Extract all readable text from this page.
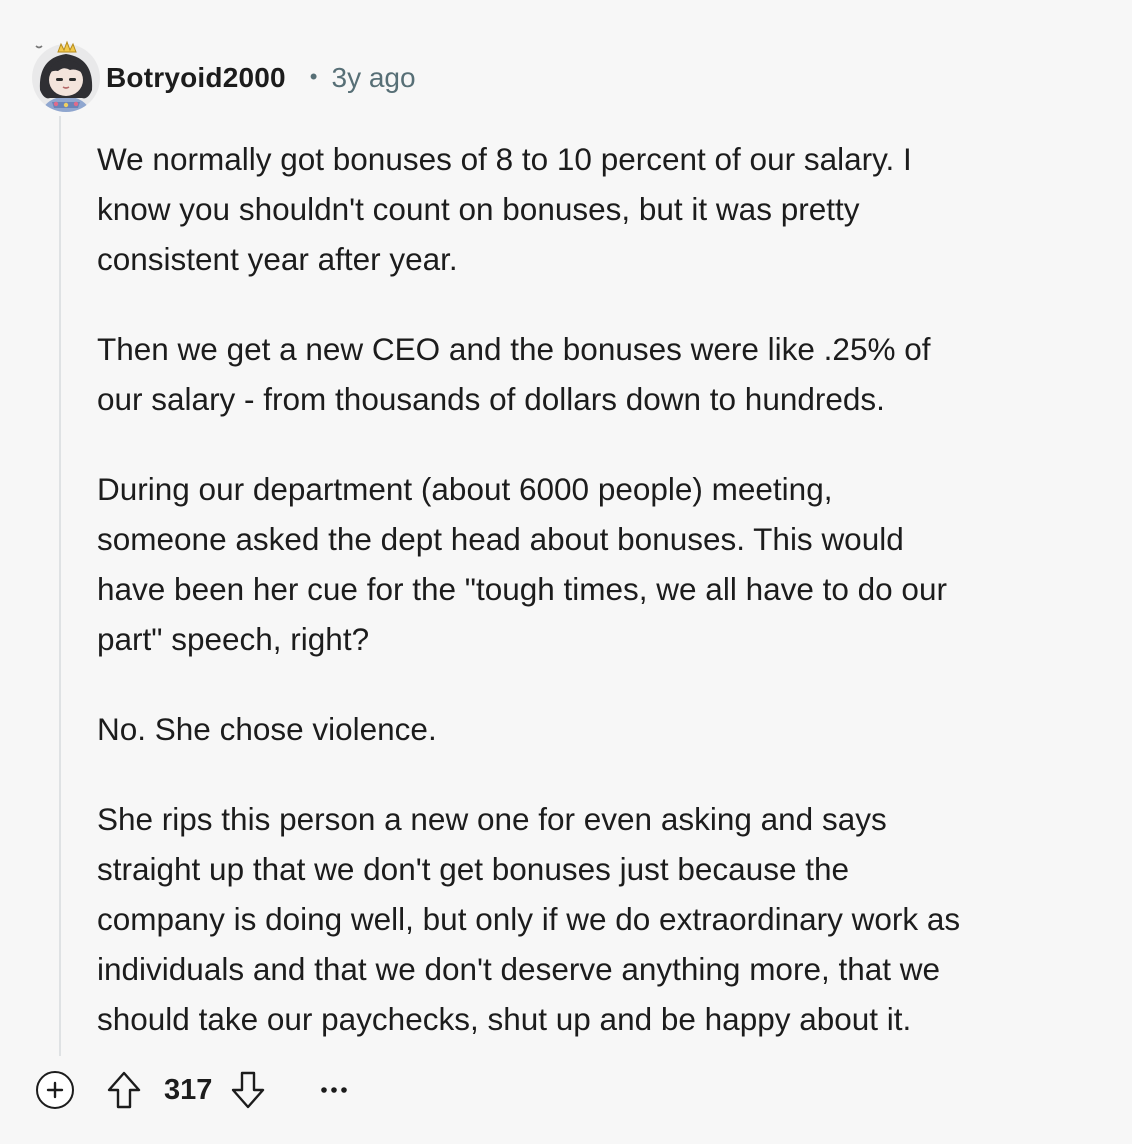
Botryoid2000 • 3y ago

We normally got bonuses of 8 to 10 percent of our salary. I
know you shouldn't count on bonuses, but it was pretty
consistent year after year.

Then we get a new CEO and the bonuses were like .25% of
our salary - from thousands of dollars down to hundreds.

During our department (about 6000 people) meeting,
someone asked the dept head about bonuses. This would
have been her cue for the "tough times, we all have to do our
part" speech, right?

No. She chose violence.

She rips this person a new one for even asking and says
straight up that we don't get bonuses just because the
company is doing well, but only if we do extraordinary work as
individuals and that we don't deserve anything more, that we
should take our paychecks, shut up and be happy about it.

317
